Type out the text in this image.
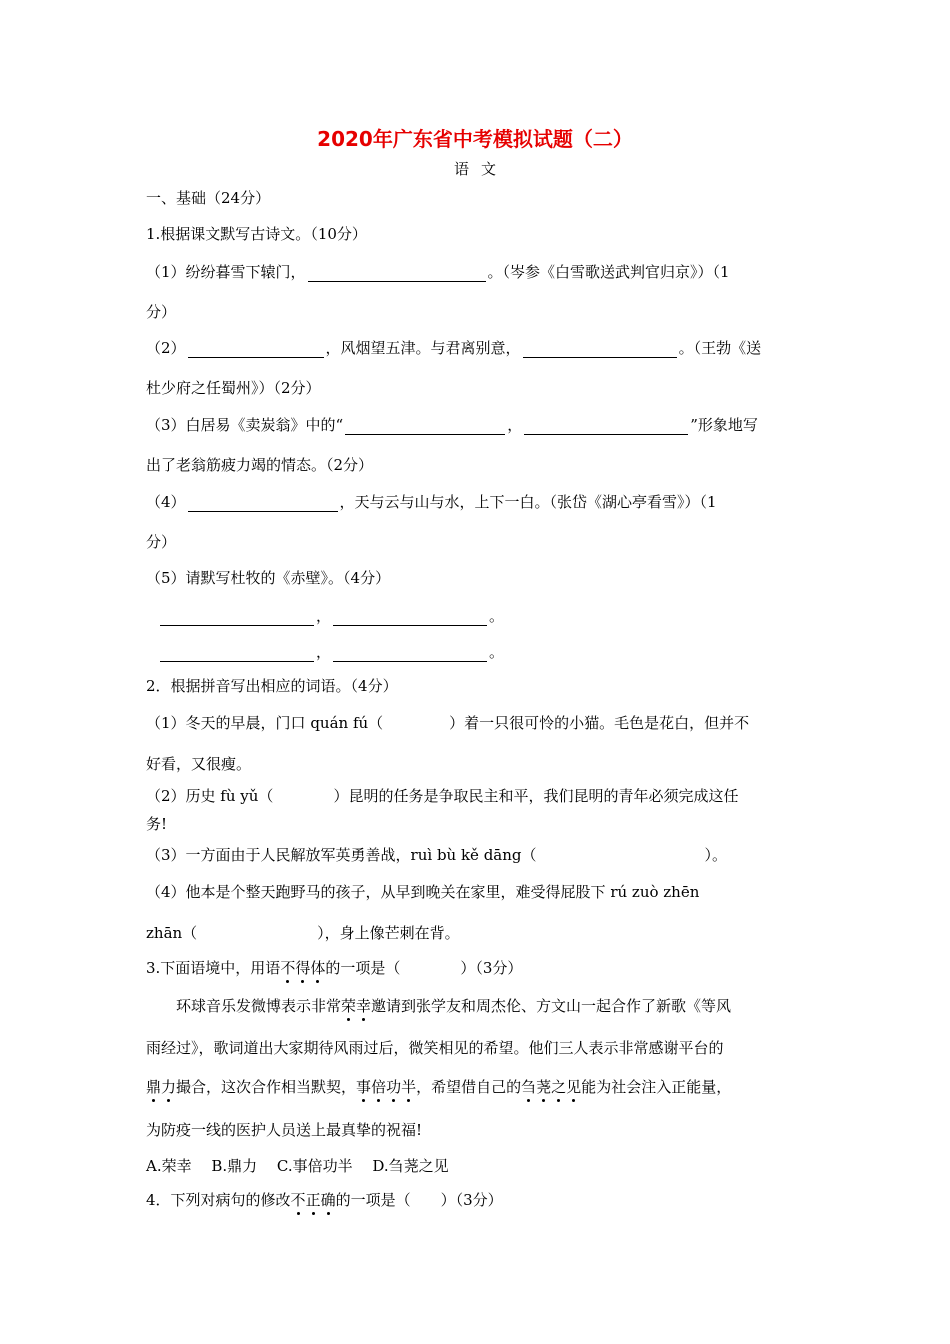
2020年广东省中考模拟试题（二）
语文
一、基础（24分）
1.根据课文默写古诗文。（10分）
（1）纷纷暮雪下辕门，	。（岑参《白雪歌送武判官归京》）（1
分）
（2）	，风烟望五津。与君离别意，	。（王勃《送
杜少府之任蜀州》）（2分）
（3）白居易《卖炭翁》中的“	，	”形象地写
出了老翁筋疲力竭的情态。（2分）
（4）	，天与云与山与水，上下一白。（张岱《湖心亭看雪》）（1
分）
（5）请默写杜牧的《赤壁》。（4分）
，	。
，	。
2．根据拼音写出相应的词语。（4分）
（1）冬天的早晨，门口 quán fú（	）着一只很可怜的小猫。毛色是花白，但并不
好看，又很瘦。
（2）历史 fù yǔ（	）昆明的任务是争取民主和平，我们昆明的青年必须完成这任
务!
（3）一方面由于人民解放军英勇善战，ruì bù kě dāng（	）。
（4）他本是个整天跑野马的孩子，从早到晚关在家里，难受得屁股下 rú zuò zhēn
zhān（	），身上像芒刺在背。
3.下面语境中，用语不得体的一项是（	）（3分）
环球音乐发微博表示非常荣幸邀请到张学友和周杰伦、方文山一起合作了新歌《等风
雨经过》，歌词道出大家期待风雨过后，微笑相见的希望。他们三人表示非常感谢平台的
鼎力撮合，这次合作相当默契，事倍功半，希望借自己的刍荛之见能为社会注入正能量，
为防疫一线的医护人员送上最真挚的祝福!
A.荣幸　 B.鼎力　 C.事倍功半　 D.刍荛之见
4．下列对病句的修改不正确的一项是（ ）（3分）
